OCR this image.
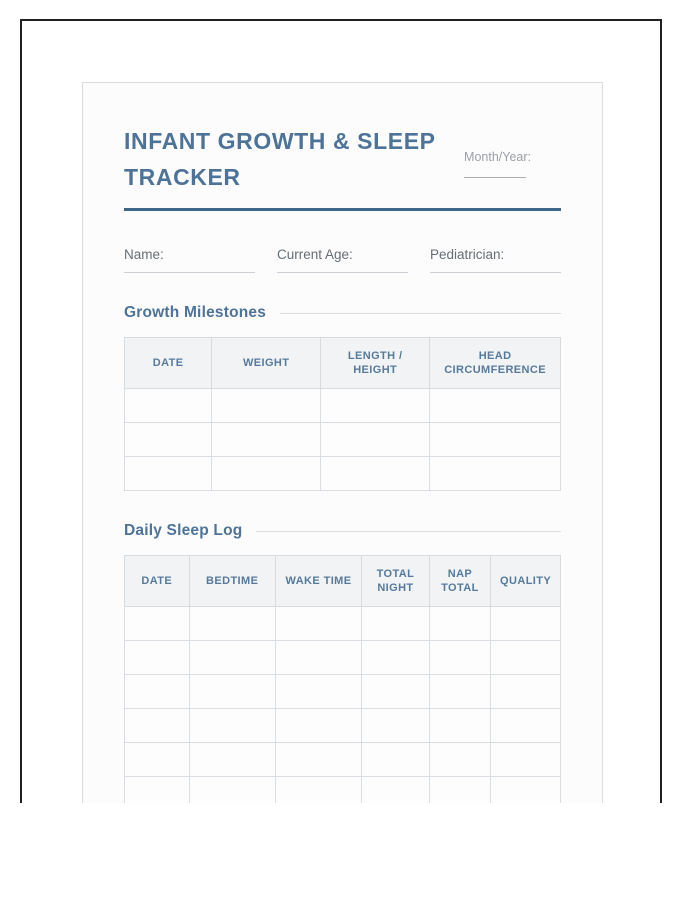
INFANT GROWTH & SLEEP TRACKER
Month/Year:
Name:	Current Age:	Pediatrician:
Growth Milestones
DATE	WEIGHT	LENGTH / HEIGHT	HEAD CIRCUMFERENCE

Daily Sleep Log
DATE	BEDTIME	WAKE TIME	TOTAL NIGHT	NAP TOTAL	QUALITY
